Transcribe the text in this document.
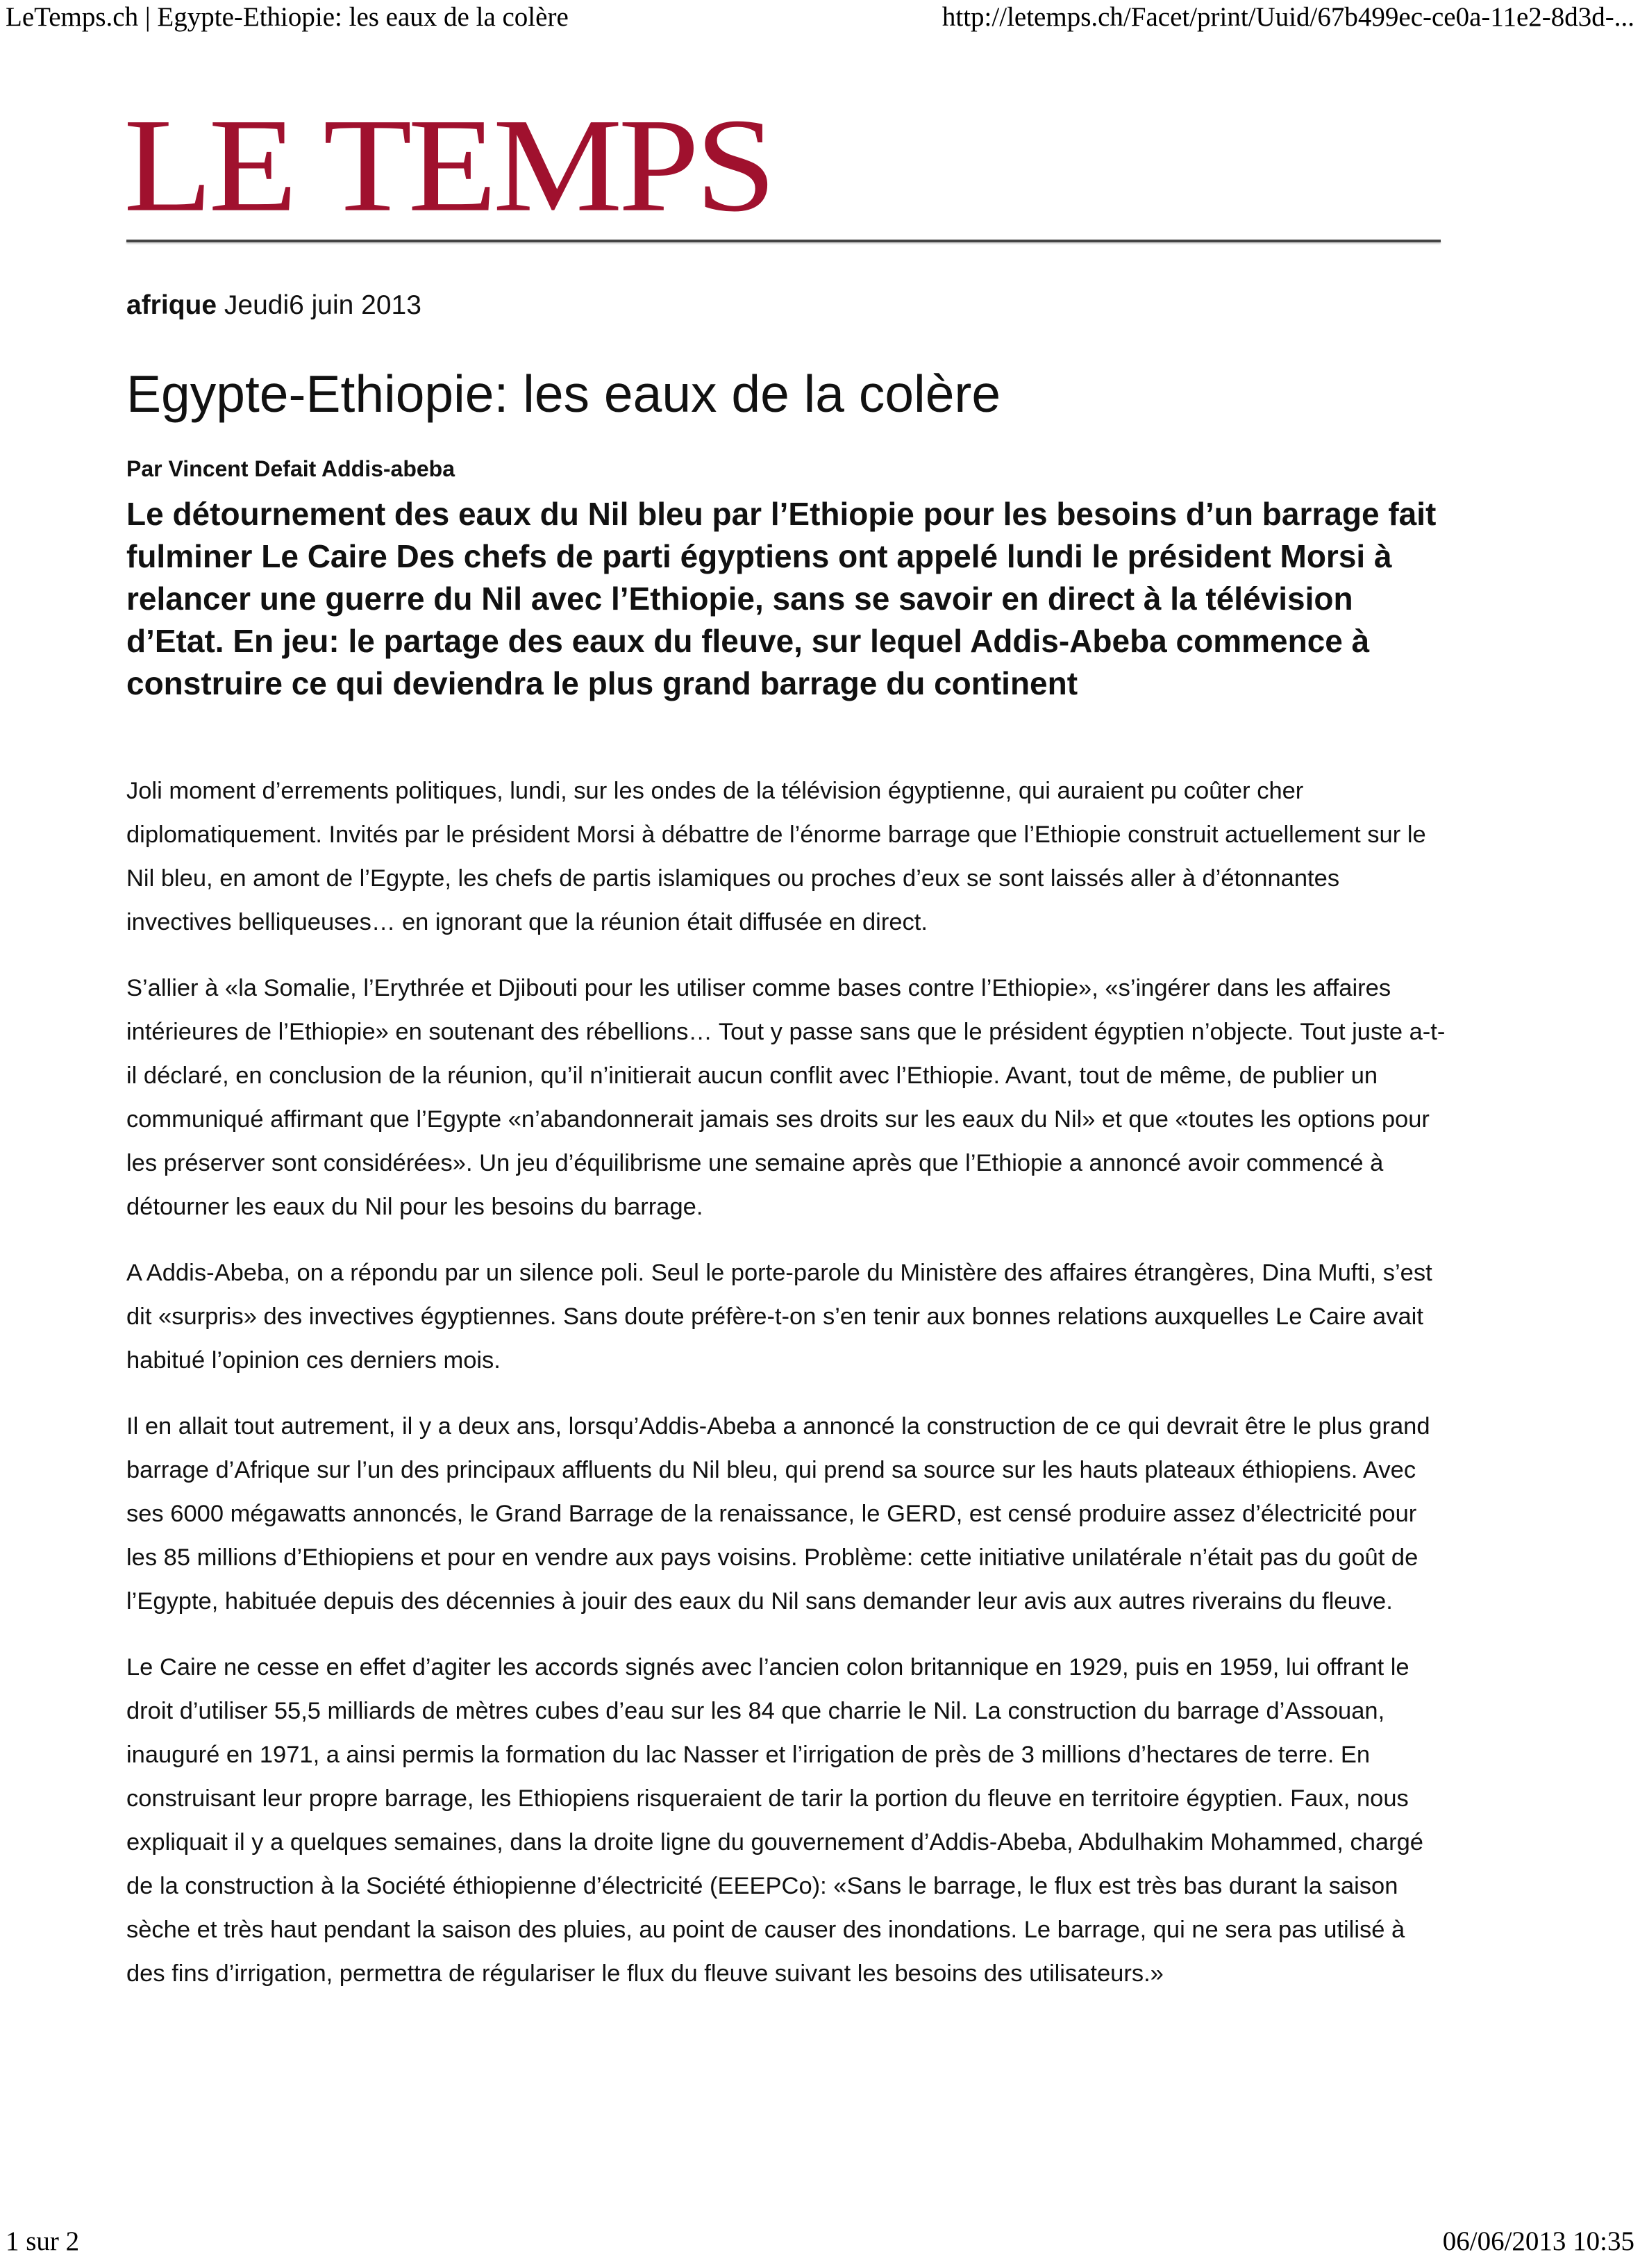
LeTemps.ch | Egypte-Ethiopie: les eaux de la colère	http://letemps.ch/Facet/print/Uuid/67b499ec-ce0a-11e2-8d3d-...
LE TEMPS
afrique Jeudi6 juin 2013
Egypte-Ethiopie: les eaux de la colère
Par Vincent Defait Addis-abeba
Le détournement des eaux du Nil bleu par l’Ethiopie pour les besoins d’un barrage fait fulminer Le Caire Des chefs de parti égyptiens ont appelé lundi le président Morsi à relancer une guerre du Nil avec l’Ethiopie, sans se savoir en direct à la télévision d’Etat. En jeu: le partage des eaux du fleuve, sur lequel Addis-Abeba commence à construire ce qui deviendra le plus grand barrage du continent

Joli moment d’errements politiques, lundi, sur les ondes de la télévision égyptienne, qui auraient pu coûter cher diplomatiquement. Invités par le président Morsi à débattre de l’énorme barrage que l’Ethiopie construit actuellement sur le Nil bleu, en amont de l’Egypte, les chefs de partis islamiques ou proches d’eux se sont laissés aller à d’étonnantes invectives belliqueuses… en ignorant que la réunion était diffusée en direct.

S’allier à «la Somalie, l’Erythrée et Djibouti pour les utiliser comme bases contre l’Ethiopie», «s’ingérer dans les affaires intérieures de l’Ethiopie» en soutenant des rébellions… Tout y passe sans que le président égyptien n’objecte. Tout juste a-t-il déclaré, en conclusion de la réunion, qu’il n’initierait aucun conflit avec l’Ethiopie. Avant, tout de même, de publier un communiqué affirmant que l’Egypte «n’abandonnerait jamais ses droits sur les eaux du Nil» et que «toutes les options pour les préserver sont considérées». Un jeu d’équilibrisme une semaine après que l’Ethiopie a annoncé avoir commencé à détourner les eaux du Nil pour les besoins du barrage.

A Addis-Abeba, on a répondu par un silence poli. Seul le porte-parole du Ministère des affaires étrangères, Dina Mufti, s’est dit «surpris» des invectives égyptiennes. Sans doute préfère-t-on s’en tenir aux bonnes relations auxquelles Le Caire avait habitué l’opinion ces derniers mois.

Il en allait tout autrement, il y a deux ans, lorsqu’Addis-Abeba a annoncé la construction de ce qui devrait être le plus grand barrage d’Afrique sur l’un des principaux affluents du Nil bleu, qui prend sa source sur les hauts plateaux éthiopiens. Avec ses 6000 mégawatts annoncés, le Grand Barrage de la renaissance, le GERD, est censé produire assez d’électricité pour les 85 millions d’Ethiopiens et pour en vendre aux pays voisins. Problème: cette initiative unilatérale n’était pas du goût de l’Egypte, habituée depuis des décennies à jouir des eaux du Nil sans demander leur avis aux autres riverains du fleuve.

Le Caire ne cesse en effet d’agiter les accords signés avec l’ancien colon britannique en 1929, puis en 1959, lui offrant le droit d’utiliser 55,5 milliards de mètres cubes d’eau sur les 84 que charrie le Nil. La construction du barrage d’Assouan, inauguré en 1971, a ainsi permis la formation du lac Nasser et l’irrigation de près de 3 millions d’hectares de terre. En construisant leur propre barrage, les Ethiopiens risqueraient de tarir la portion du fleuve en territoire égyptien. Faux, nous expliquait il y a quelques semaines, dans la droite ligne du gouvernement d’Addis-Abeba, Abdulhakim Mohammed, chargé de la construction à la Société éthiopienne d’électricité (EEEPCo): «Sans le barrage, le flux est très bas durant la saison sèche et très haut pendant la saison des pluies, au point de causer des inondations. Le barrage, qui ne sera pas utilisé à des fins d’irrigation, permettra de régulariser le flux du fleuve suivant les besoins des utilisateurs.»

1 sur 2	06/06/2013 10:35
